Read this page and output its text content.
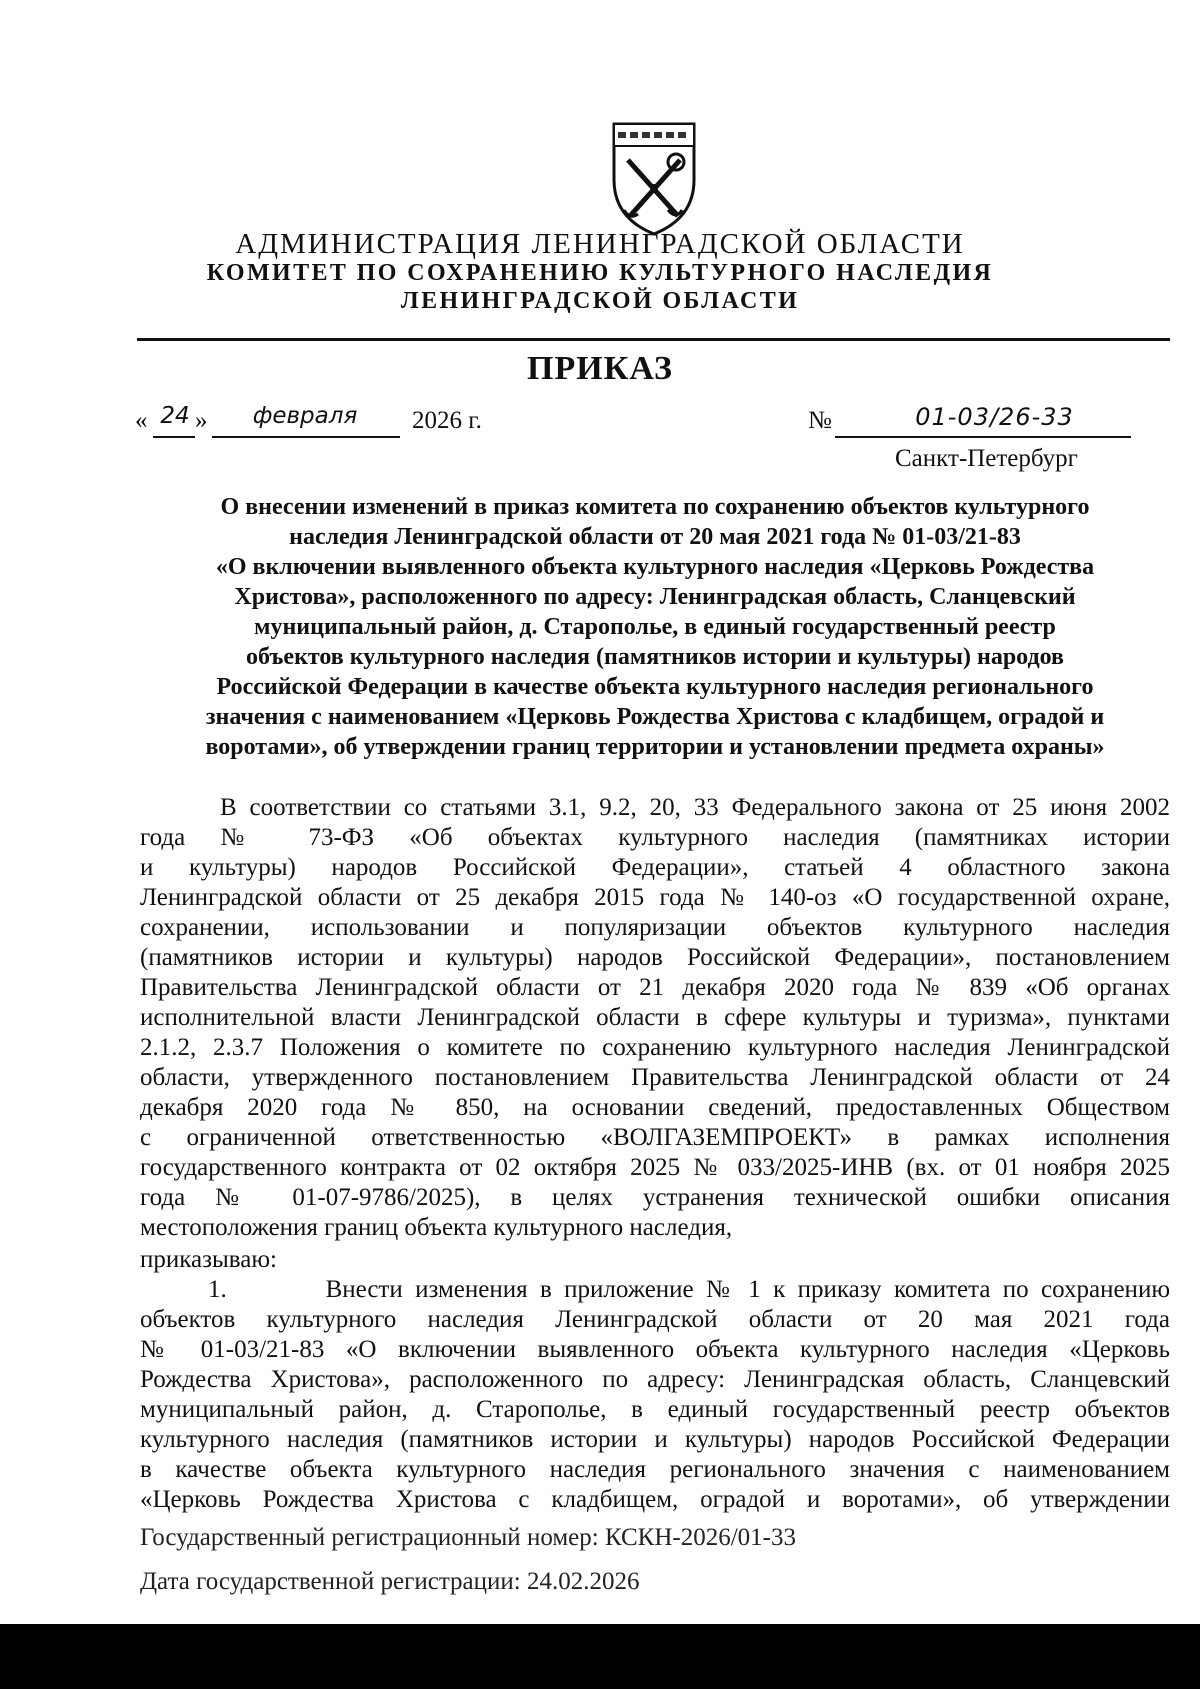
АДМИНИСТРАЦИЯ ЛЕНИНГРАДСКОЙ ОБЛАСТИ
КОМИТЕТ ПО СОХРАНЕНИЮ КУЛЬТУРНОГО НАСЛЕДИЯ
ЛЕНИНГРАДСКОЙ ОБЛАСТИ
ПРИКАЗ
« 24 »	февраля	2026 г.	№	01-03/26-33
Санкт-Петербург
О внесении изменений в приказ комитета по сохранению объектов культурного
наследия Ленинградской области от 20 мая 2021 года № 01-03/21-83
«О включении выявленного объекта культурного наследия «Церковь Рождества
Христова», расположенного по адресу: Ленинградская область, Сланцевский
муниципальный район, д. Старополье, в единый государственный реестр
объектов культурного наследия (памятников истории и культуры) народов
Российской Федерации в качестве объекта культурного наследия регионального
значения с наименованием «Церковь Рождества Христова с кладбищем, оградой и
воротами», об утверждении границ территории и установлении предмета охраны»
В соответствии со статьями 3.1, 9.2, 20, 33 Федерального закона от 25 июня 2002
года № 73-ФЗ «Об объектах культурного наследия (памятниках истории
и культуры) народов Российской Федерации», статьей 4 областного закона
Ленинградской области от 25 декабря 2015 года № 140-оз «О государственной охране,
сохранении, использовании и популяризации объектов культурного наследия
(памятников истории и культуры) народов Российской Федерации», постановлением
Правительства Ленинградской области от 21 декабря 2020 года № 839 «Об органах
исполнительной власти Ленинградской области в сфере культуры и туризма», пунктами
2.1.2, 2.3.7 Положения о комитете по сохранению культурного наследия Ленинградской
области, утвержденного постановлением Правительства Ленинградской области от 24
декабря 2020 года № 850, на основании сведений, предоставленных Обществом
с ограниченной ответственностью «ВОЛГАЗЕМПРОЕКТ» в рамках исполнения
государственного контракта от 02 октября 2025 № 033/2025-ИНВ (вх. от 01 ноября 2025
года № 01-07-9786/2025), в целях устранения технической ошибки описания
местоположения границ объекта культурного наследия,
приказываю:
1.        Внести изменения в приложение № 1 к приказу комитета по сохранению
объектов культурного наследия Ленинградской области от 20 мая 2021 года
№ 01-03/21-83 «О включении выявленного объекта культурного наследия «Церковь
Рождества Христова», расположенного по адресу: Ленинградская область, Сланцевский
муниципальный район, д. Старополье, в единый государственный реестр объектов
культурного наследия (памятников истории и культуры) народов Российской Федерации
в качестве объекта культурного наследия регионального значения с наименованием
«Церковь Рождества Христова с кладбищем, оградой и воротами», об утверждении
Государственный регистрационный номер: КСКН-2026/01-33
Дата государственной регистрации: 24.02.2026
